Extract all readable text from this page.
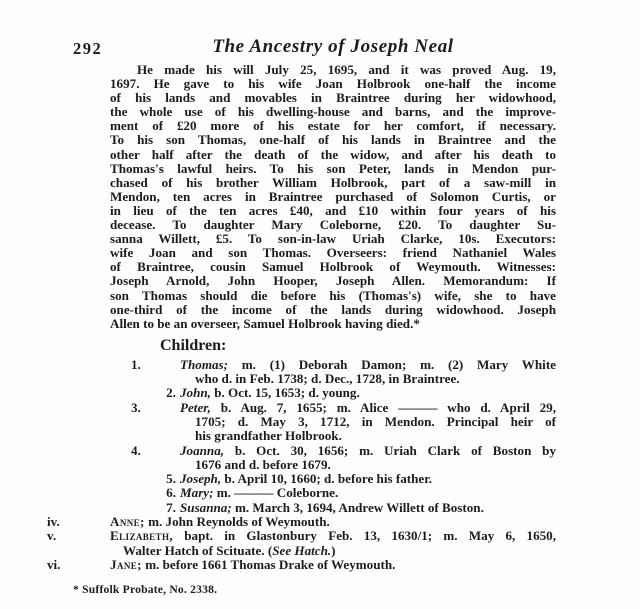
292	The Ancestry of Joseph Neal
He made his will July 25, 1695, and it was proved Aug. 19,
1697. He gave to his wife Joan Holbrook one-half the income
of his lands and movables in Braintree during her widowhood,
the whole use of his dwelling-house and barns, and the improve-
ment of £20 more of his estate for her comfort, if necessary.
To his son Thomas, one-half of his lands in Braintree and the
other half after the death of the widow, and after his death to
Thomas's lawful heirs. To his son Peter, lands in Mendon pur-
chased of his brother William Holbrook, part of a saw-mill in
Mendon, ten acres in Braintree purchased of Solomon Curtis, or
in lieu of the ten acres £40, and £10 within four years of his
decease. To daughter Mary Coleborne, £20. To daughter Su-
sanna Willett, £5. To son-in-law Uriah Clarke, 10s. Executors:
wife Joan and son Thomas. Overseers: friend Nathaniel Wales
of Braintree, cousin Samuel Holbrook of Weymouth. Witnesses:
Joseph Arnold, John Hooper, Joseph Allen. Memorandum: If
son Thomas should die before his (Thomas's) wife, she to have
one-third of the income of the lands during widowhood. Joseph
Allen to be an overseer, Samuel Holbrook having died.*
Children:
1.	Thomas; m. (1) Deborah Damon; m. (2) Mary White
who d. in Feb. 1738; d. Dec., 1728, in Braintree.
2. John, b. Oct. 15, 1653; d. young.
3.	Peter, b. Aug. 7, 1655; m. Alice ——— who d. April 29,
1705; d. May 3, 1712, in Mendon. Principal heir of
his grandfather Holbrook.
4.	Joanna, b. Oct. 30, 1656; m. Uriah Clark of Boston by
1676 and d. before 1679.
5. Joseph, b. April 10, 1660; d. before his father.
6. Mary; m. ——— Coleborne.
7. Susanna; m. March 3, 1694, Andrew Willett of Boston.
iv.	Anne; m. John Reynolds of Weymouth.
v.	Elizabeth, bapt. in Glastonbury Feb. 13, 1630/1; m. May 6, 1650,
Walter Hatch of Scituate. (See Hatch.)
vi.	Jane; m. before 1661 Thomas Drake of Weymouth.
* Suffolk Probate, No. 2338.
